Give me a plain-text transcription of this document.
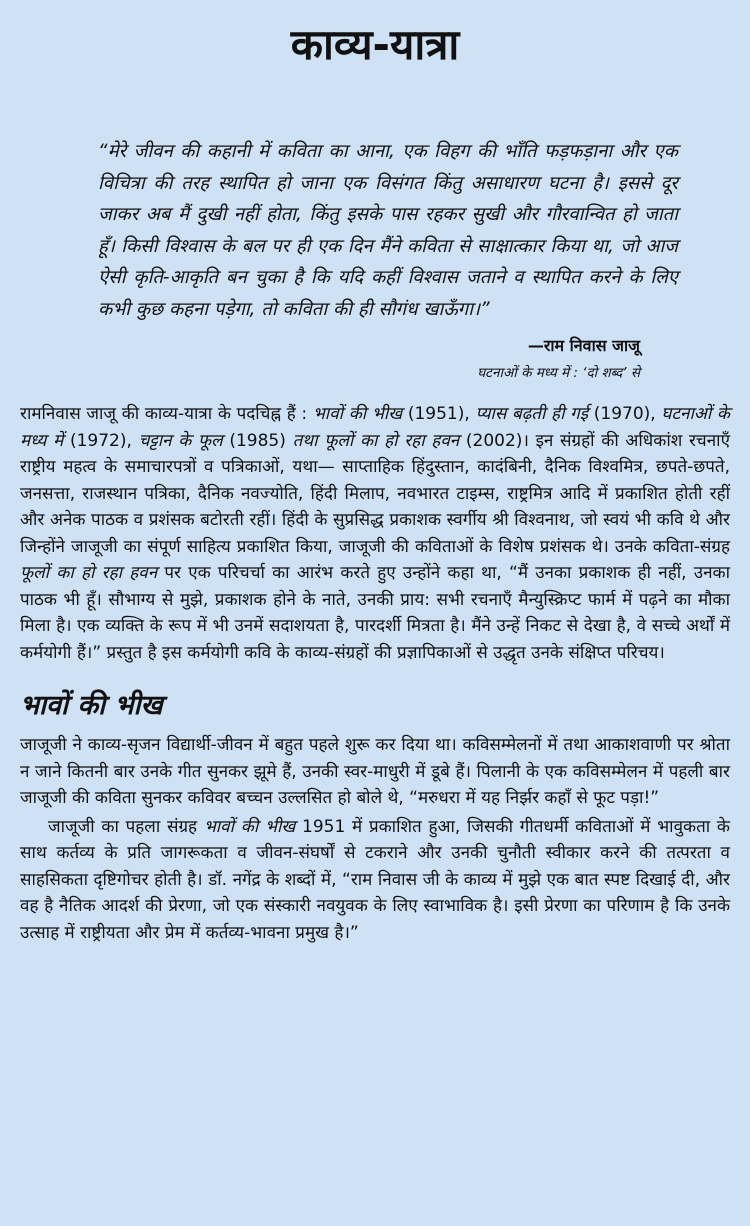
काव्य-यात्रा

“मेरे जीवन की कहानी में कविता का आना, एक विहग की भाँति फड़फड़ाना और एक विचित्रा की तरह स्थापित हो जाना एक विसंगत किंतु असाधारण घटना है। इससे दूर जाकर अब मैं दुखी नहीं होता, किंतु इसके पास रहकर सुखी और गौरवान्वित हो जाता हूँ। किसी विश्वास के बल पर ही एक दिन मैंने कविता से साक्षात्कार किया था, जो आज ऐसी कृति-आकृति बन चुका है कि यदि कहीं विश्वास जताने व स्थापित करने के लिए कभी कुछ कहना पड़ेगा, तो कविता की ही सौगंध खाऊँगा।”

—राम निवास जाजू
घटनाओं के मध्य में : ‘दो शब्द’ से

रामनिवास जाजू की काव्य-यात्रा के पदचिह्न हैं : भावों की भीख (1951), प्यास बढ़ती ही गई (1970), घटनाओं के मध्य में (1972), चट्टान के फूल (1985) तथा फूलों का हो रहा हवन (2002)। इन संग्रहों की अधिकांश रचनाएँ राष्ट्रीय महत्व के समाचारपत्रों व पत्रिकाओं, यथा— साप्ताहिक हिंदुस्तान, कादंबिनी, दैनिक विश्वमित्र, छपते-छपते, जनसत्ता, राजस्थान पत्रिका, दैनिक नवज्योति, हिंदी मिलाप, नवभारत टाइम्स, राष्ट्रमित्र आदि में प्रकाशित होती रहीं और अनेक पाठक व प्रशंसक बटोरती रहीं। हिंदी के सुप्रसिद्ध प्रकाशक स्वर्गीय श्री विश्वनाथ, जो स्वयं भी कवि थे और जिन्होंने जाजूजी का संपूर्ण साहित्य प्रकाशित किया, जाजूजी की कविताओं के विशेष प्रशंसक थे। उनके कविता-संग्रह फूलों का हो रहा हवन पर एक परिचर्चा का आरंभ करते हुए उन्होंने कहा था, “मैं उनका प्रकाशक ही नहीं, उनका पाठक भी हूँ। सौभाग्य से मुझे, प्रकाशक होने के नाते, उनकी प्राय: सभी रचनाएँ मैन्युस्क्रिप्ट फार्म में पढ़ने का मौका मिला है। एक व्यक्ति के रूप में भी उनमें सदाशयता है, पारदर्शी मित्रता है। मैंने उन्हें निकट से देखा है, वे सच्चे अर्थों में कर्मयोगी हैं।” प्रस्तुत है इस कर्मयोगी कवि के काव्य-संग्रहों की प्रज्ञापिकाओं से उद्धृत उनके संक्षिप्त परिचय।

भावों की भीख

जाजूजी ने काव्य-सृजन विद्यार्थी-जीवन में बहुत पहले शुरू कर दिया था। कविसम्मेलनों में तथा आकाशवाणी पर श्रोता न जाने कितनी बार उनके गीत सुनकर झूमे हैं, उनकी स्वर-माधुरी में डूबे हैं। पिलानी के एक कविसम्मेलन में पहली बार जाजूजी की कविता सुनकर कविवर बच्चन उल्लसित हो बोले थे, “मरुधरा में यह निर्झर कहाँ से फूट पड़ा!”

जाजूजी का पहला संग्रह भावों की भीख 1951 में प्रकाशित हुआ, जिसकी गीतधर्मी कविताओं में भावुकता के साथ कर्तव्य के प्रति जागरूकता व जीवन-संघर्षों से टकराने और उनकी चुनौती स्वीकार करने की तत्परता व साहसिकता दृष्टिगोचर होती है। डॉ. नगेंद्र के शब्दों में, “राम निवास जी के काव्य में मुझे एक बात स्पष्ट दिखाई दी, और वह है नैतिक आदर्श की प्रेरणा, जो एक संस्कारी नवयुवक के लिए स्वाभाविक है। इसी प्रेरणा का परिणाम है कि उनके उत्साह में राष्ट्रीयता और प्रेम में कर्तव्य-भावना प्रमुख है।”
